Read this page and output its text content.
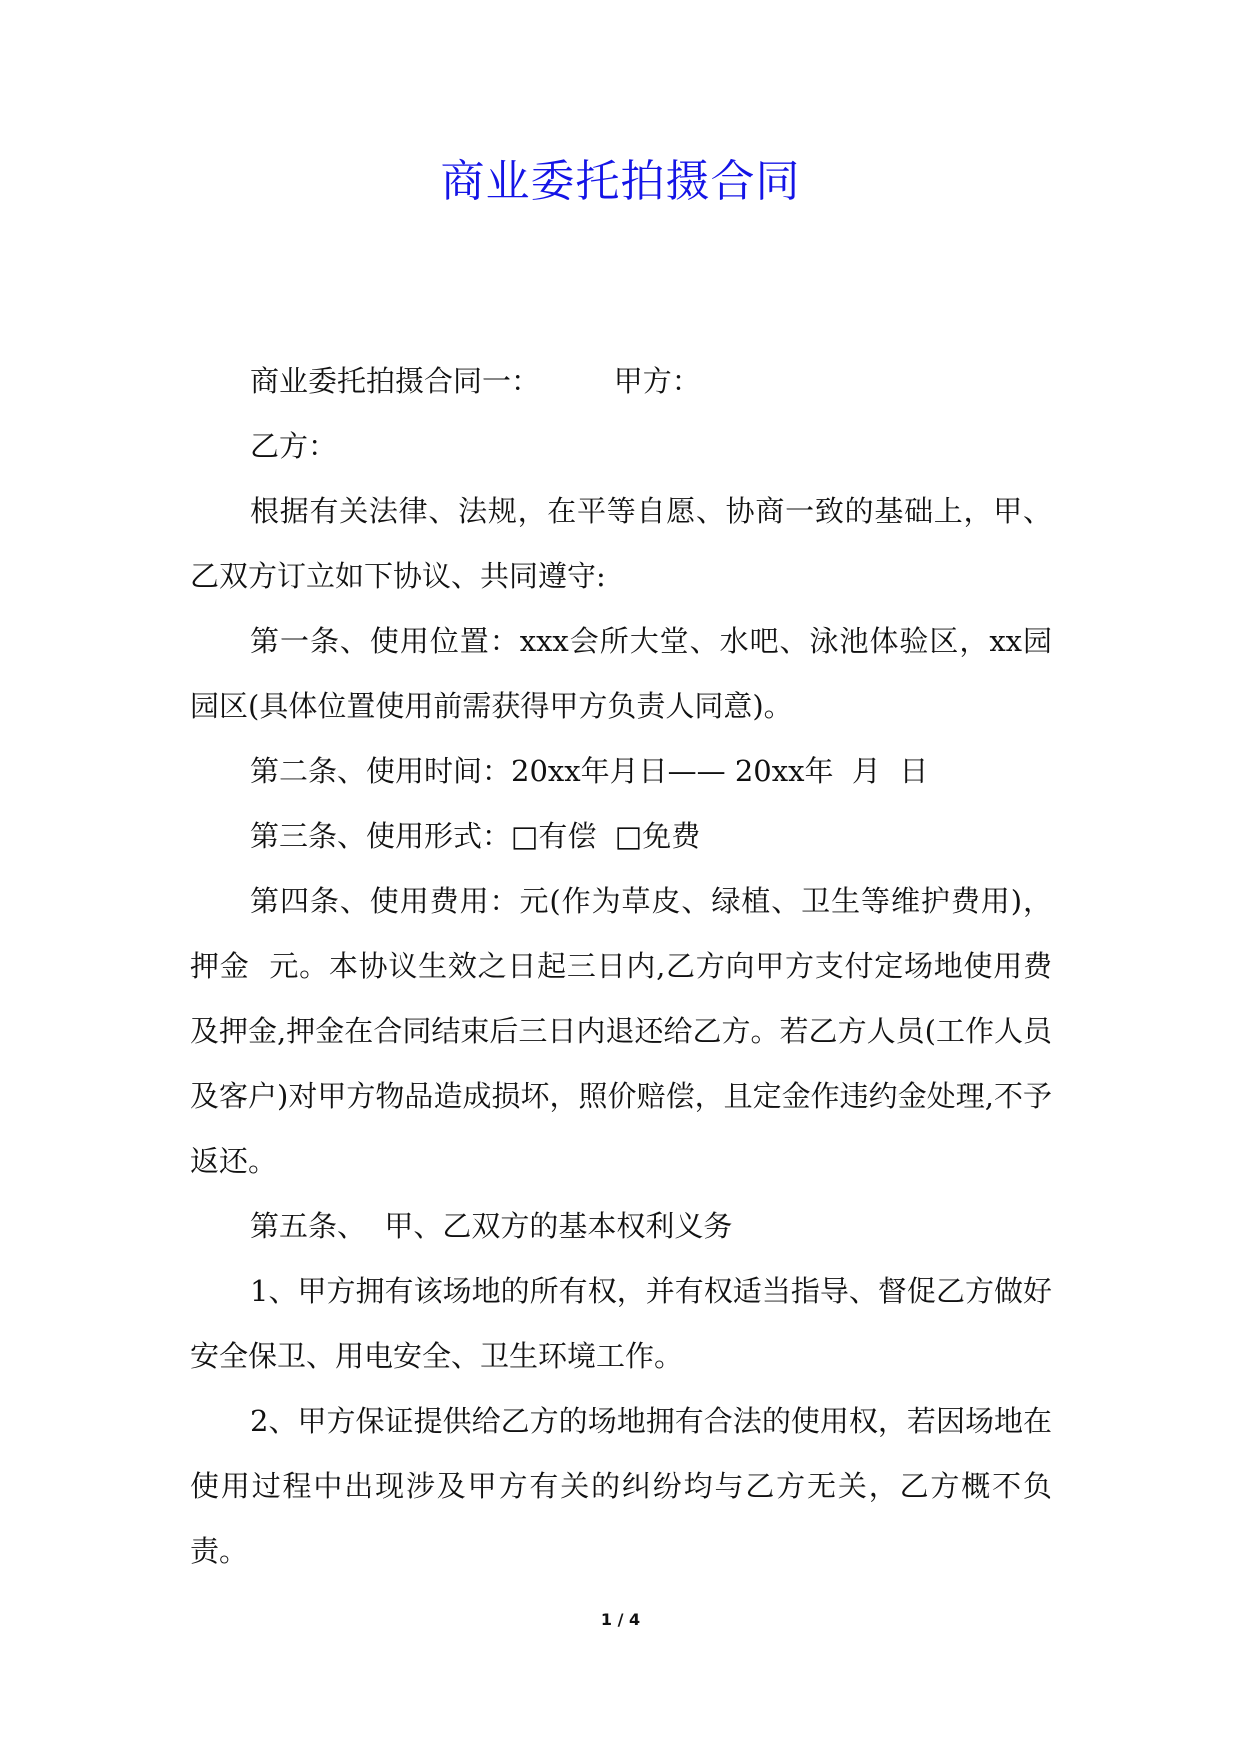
商业委托拍摄合同

商业委托拍摄合同一：        甲方：

乙方：

根据有关法律、法规，在平等自愿、协商一致的基础上，甲、乙双方订立如下协议、共同遵守:

第一条、使用位置：xxx会所大堂、水吧、泳池体验区，xx园园区(具体位置使用前需获得甲方负责人同意)。

第二条、使用时间：20xx年月日—— 20xx年  月  日

第三条、使用形式：□有偿  □免费

第四条、使用费用：元(作为草皮、绿植、卫生等维护费用)，押金  元。本协议生效之日起三日内,乙方向甲方支付定场地使用费及押金,押金在合同结束后三日内退还给乙方。若乙方人员(工作人员及客户)对甲方物品造成损坏，照价赔偿，且定金作违约金处理,不予返还。

第五条、  甲、乙双方的基本权利义务

1、甲方拥有该场地的所有权，并有权适当指导、督促乙方做好安全保卫、用电安全、卫生环境工作。

2、甲方保证提供给乙方的场地拥有合法的使用权，若因场地在使用过程中出现涉及甲方有关的纠纷均与乙方无关，乙方概不负责。

1 / 4
